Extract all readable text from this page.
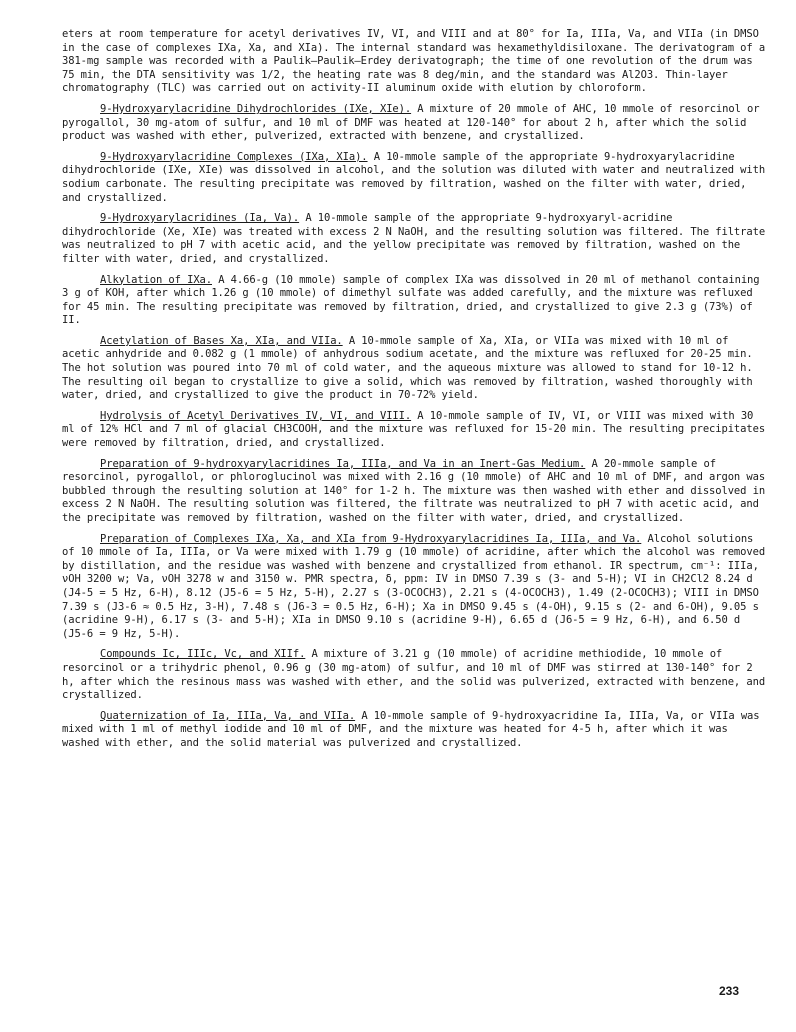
eters at room temperature for acetyl derivatives IV, VI, and VIII and at 80° for Ia, IIIa, Va, and VIIa (in DMSO in the case of complexes IXa, Xa, and XIa). The internal standard was hexamethyldisiloxane. The derivatogram of a 381-mg sample was recorded with a Paulik—Paulik—Erdey derivatograph; the time of one revolution of the drum was 75 min, the DTA sensitivity was 1/2, the heating rate was 8 deg/min, and the standard was Al2O3. Thin-layer chromatography (TLC) was carried out on activity-II aluminum oxide with elution by chloroform.

9-Hydroxyarylacridine Dihydrochlorides (IXe, XIe). A mixture of 20 mmole of AHC, 10 mmole of resorcinol or pyrogallol, 30 mg-atom of sulfur, and 10 ml of DMF was heated at 120-140° for about 2 h, after which the solid product was washed with ether, pulverized, extracted with benzene, and crystallized.

9-Hydroxyarylacridine Complexes (IXa, XIa). A 10-mmole sample of the appropriate 9-hydroxyarylacridine dihydrochloride (IXe, XIe) was dissolved in alcohol, and the solution was diluted with water and neutralized with sodium carbonate. The resulting precipitate was removed by filtration, washed on the filter with water, dried, and crystallized.

9-Hydroxyarylacridines (Ia, Va). A 10-mmole sample of the appropriate 9-hydroxyaryl-acridine dihydrochloride (Xe, XIe) was treated with excess 2 N NaOH, and the resulting solution was filtered. The filtrate was neutralized to pH 7 with acetic acid, and the yellow precipitate was removed by filtration, washed on the filter with water, dried, and crystallized.

Alkylation of IXa. A 4.66-g (10 mmole) sample of complex IXa was dissolved in 20 ml of methanol containing 3 g of KOH, after which 1.26 g (10 mmole) of dimethyl sulfate was added carefully, and the mixture was refluxed for 45 min. The resulting precipitate was removed by filtration, dried, and crystallized to give 2.3 g (73%) of II.

Acetylation of Bases Xa, XIa, and VIIa. A 10-mmole sample of Xa, XIa, or VIIa was mixed with 10 ml of acetic anhydride and 0.082 g (1 mmole) of anhydrous sodium acetate, and the mixture was refluxed for 20-25 min. The hot solution was poured into 70 ml of cold water, and the aqueous mixture was allowed to stand for 10-12 h. The resulting oil began to crystallize to give a solid, which was removed by filtration, washed thoroughly with water, dried, and crystallized to give the product in 70-72% yield.

Hydrolysis of Acetyl Derivatives IV, VI, and VIII. A 10-mmole sample of IV, VI, or VIII was mixed with 30 ml of 12% HCl and 7 ml of glacial CH3COOH, and the mixture was refluxed for 15-20 min. The resulting precipitates were removed by filtration, dried, and crystallized.

Preparation of 9-hydroxyarylacridines Ia, IIIa, and Va in an Inert-Gas Medium. A 20-mmole sample of resorcinol, pyrogallol, or phloroglucinol was mixed with 2.16 g (10 mmole) of AHC and 10 ml of DMF, and argon was bubbled through the resulting solution at 140° for 1-2 h. The mixture was then washed with ether and dissolved in excess 2 N NaOH. The resulting solution was filtered, the filtrate was neutralized to pH 7 with acetic acid, and the precipitate was removed by filtration, washed on the filter with water, dried, and crystallized.

Preparation of Complexes IXa, Xa, and XIa from 9-Hydroxyarylacridines Ia, IIIa, and Va. Alcohol solutions of 10 mmole of Ia, IIIa, or Va were mixed with 1.79 g (10 mmole) of acridine, after which the alcohol was removed by distillation, and the residue was washed with benzene and crystallized from ethanol. IR spectrum, cm⁻¹: IIIa, νOH 3200 w; Va, νOH 3278 w and 3150 w. PMR spectra, δ, ppm: IV in DMSO 7.39 s (3- and 5-H); VI in CH2Cl2 8.24 d (J4-5 = 5 Hz, 6-H), 8.12 (J5-6 = 5 Hz, 5-H), 2.27 s (3-OCOCH3), 2.21 s (4-OCOCH3), 1.49 (2-OCOCH3); VIII in DMSO 7.39 s (J3-6 ≈ 0.5 Hz, 3-H), 7.48 s (J6-3 = 0.5 Hz, 6-H); Xa in DMSO 9.45 s (4-OH), 9.15 s (2- and 6-OH), 9.05 s (acridine 9-H), 6.17 s (3- and 5-H); XIa in DMSO 9.10 s (acridine 9-H), 6.65 d (J6-5 = 9 Hz, 6-H), and 6.50 d (J5-6 = 9 Hz, 5-H).

Compounds Ic, IIIc, Vc, and XIIf. A mixture of 3.21 g (10 mmole) of acridine methiodide, 10 mmole of resorcinol or a trihydric phenol, 0.96 g (30 mg-atom) of sulfur, and 10 ml of DMF was stirred at 130-140° for 2 h, after which the resinous mass was washed with ether, and the solid was pulverized, extracted with benzene, and crystallized.

Quaternization of Ia, IIIa, Va, and VIIa. A 10-mmole sample of 9-hydroxyacridine Ia, IIIa, Va, or VIIa was mixed with 1 ml of methyl iodide and 10 ml of DMF, and the mixture was heated for 4-5 h, after which it was washed with ether, and the solid material was pulverized and crystallized.

233
